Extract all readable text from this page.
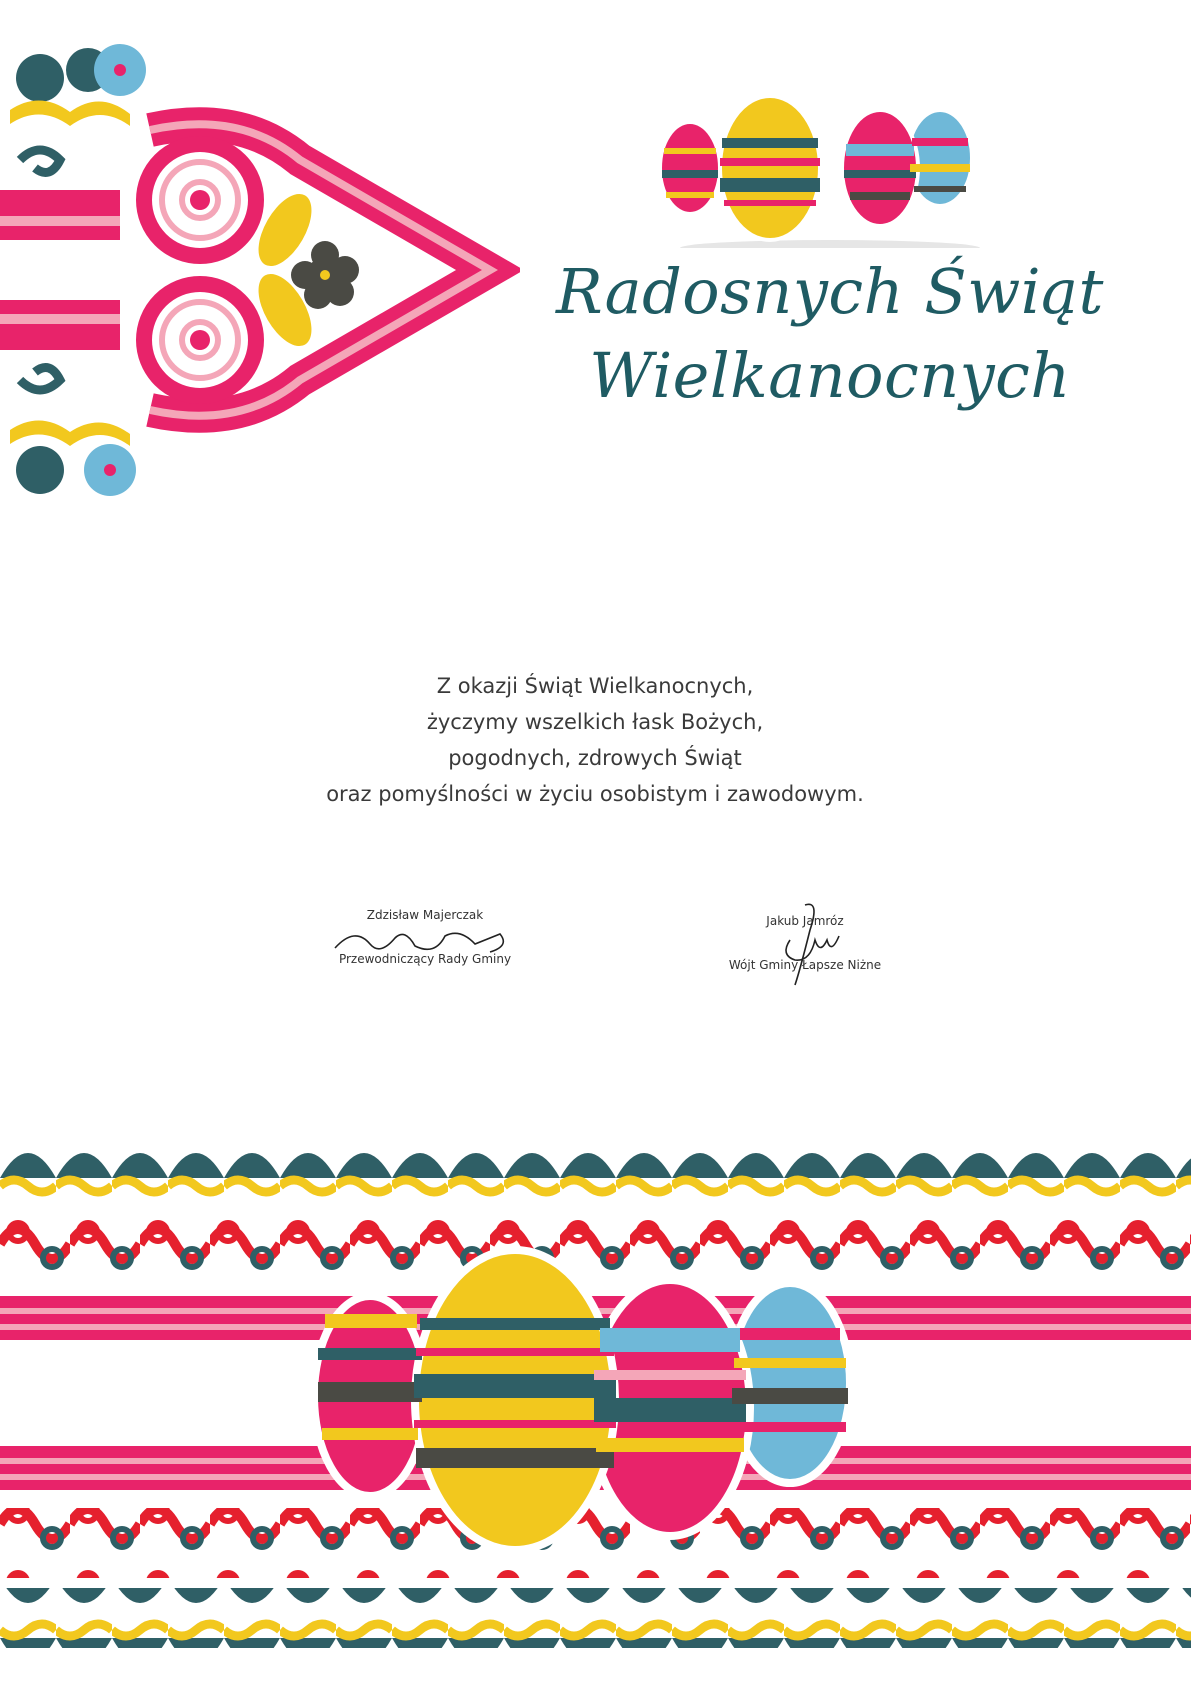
Radosnych Świąt
Wielkanocnych
Z okazji Świąt Wielkanocnych,
życzymy wszelkich łask Bożych,
pogodnych, zdrowych Świąt
oraz pomyślności w życiu osobistym i zawodowym.
Zdzisław Majerczak
Przewodniczący Rady Gminy
Jakub Jamróz
Wójt Gminy Łapsze Niżne
